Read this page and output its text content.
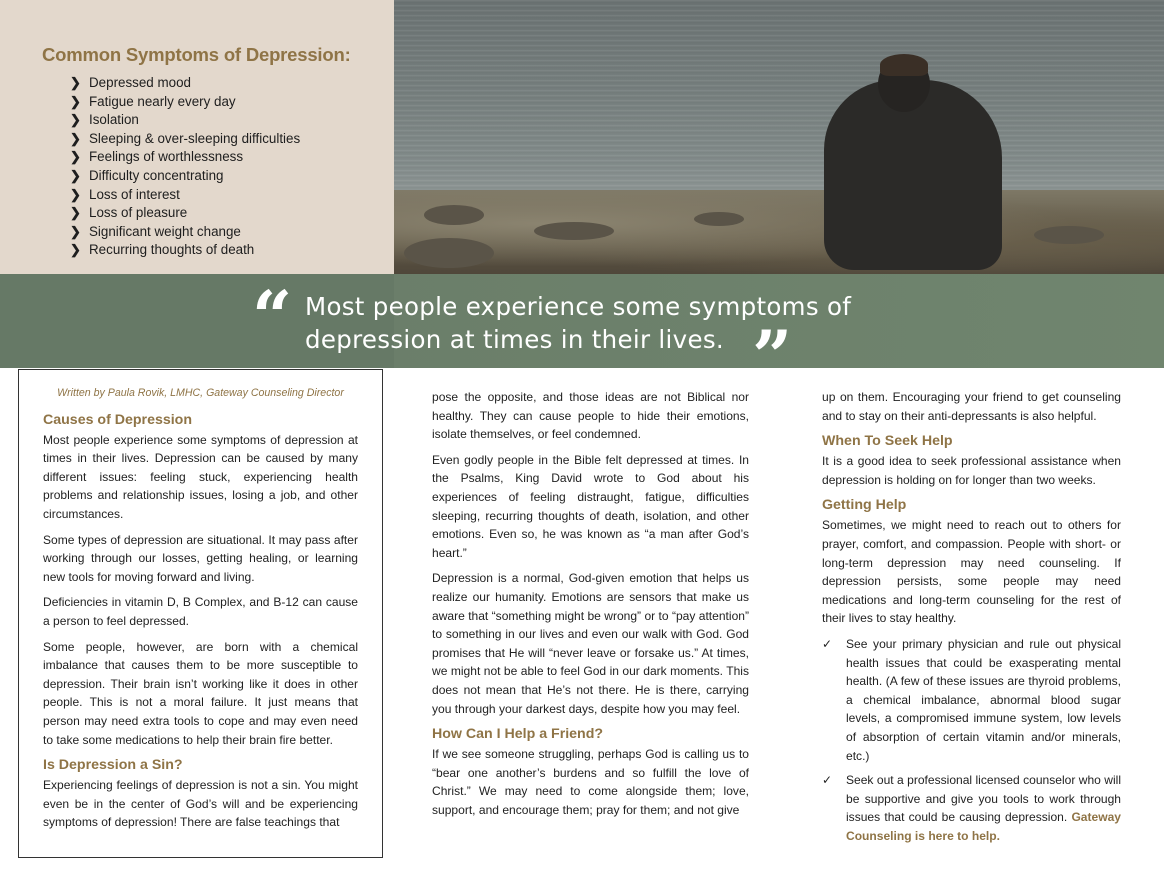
Common Symptoms of Depression:
❯ Depressed mood
❯ Fatigue nearly every day
❯ Isolation
❯ Sleeping & over-sleeping difficulties
❯ Feelings of worthlessness
❯ Difficulty concentrating
❯ Loss of interest
❯ Loss of pleasure
❯ Significant weight change
❯ Recurring thoughts of death
“ Most people experience some symptoms of depression at times in their lives. ”
Written by Paula Rovik, LMHC, Gateway Counseling Director
Causes of Depression

Most people experience some symptoms of depression at times in their lives. Depression can be caused by many different issues: feeling stuck, experiencing health problems and relationship issues, losing a job, and other circumstances.

Some types of depression are situational. It may pass after working through our losses, getting healing, or learning new tools for moving forward and living.

Deficiencies in vitamin D, B Complex, and B-12 can cause a person to feel depressed.

Some people, however, are born with a chemical imbalance that causes them to be more susceptible to depression. Their brain isn’t working like it does in other people. This is not a moral failure. It just means that person may need extra tools to cope and may even need to take some medications to help their brain fire better.

Is Depression a Sin?

Experiencing feelings of depression is not a sin. You might even be in the center of God’s will and be experiencing symptoms of depression! There are false teachings that

pose the opposite, and those ideas are not Biblical nor healthy. They can cause people to hide their emotions, isolate themselves, or feel condemned.

Even godly people in the Bible felt depressed at times. In the Psalms, King David wrote to God about his experiences of feeling distraught, fatigue, difficulties sleeping, recurring thoughts of death, isolation, and other emotions. Even so, he was known as “a man after God’s heart.”

Depression is a normal, God-given emotion that helps us realize our humanity. Emotions are sensors that make us aware that “something might be wrong” or to “pay attention” to something in our lives and even our walk with God. God promises that He will “never leave or forsake us.” At times, we might not be able to feel God in our dark moments. This does not mean that He’s not there. He is there, carrying you through your darkest days, despite how you may feel.

How Can I Help a Friend?

If we see someone struggling, perhaps God is calling us to “bear one another’s burdens and so fulfill the love of Christ.” We may need to come alongside them; love, support, and encourage them; pray for them; and not give

up on them. Encouraging your friend to get counseling and to stay on their anti-depressants is also helpful.

When To Seek Help

It is a good idea to seek professional assistance when depression is holding on for longer than two weeks.

Getting Help

Sometimes, we might need to reach out to others for prayer, comfort, and compassion. People with short- or long-term depression may need counseling. If depression persists, some people may need medications and long-term counseling for the rest of their lives to stay healthy.

✓	See your primary physician and rule out physical health issues that could be exasperating mental health. (A few of these issues are thyroid problems, a chemical imbalance, abnormal blood sugar levels, a compromised immune system, low levels of absorption of certain vitamin and/or minerals, etc.)
✓	Seek out a professional licensed counselor who will be supportive and give you tools to work through issues that could be causing depression. Gateway Counseling is here to help.
